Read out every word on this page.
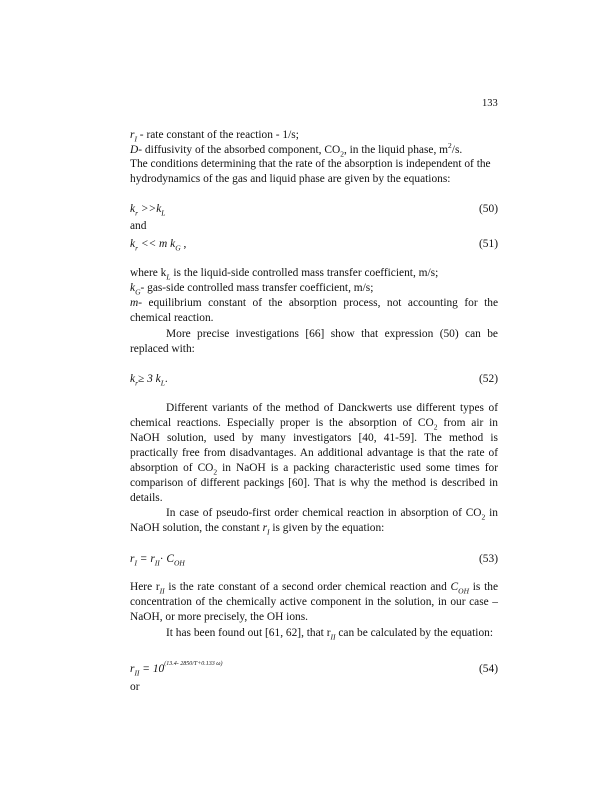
133
$r_I$ - rate constant of the reaction - 1/s;
D- diffusivity of the absorbed component, $CO_2$, in the liquid phase, $m^2/s$.
The conditions determining that the rate of the absorption is independent of the
hydrodynamics of the gas and liquid phase are given by the equations:
$k_r >>k_L$	(50)
and
$k_r << m$ $k_G$ ,	(51)
where $k_L$ is the liquid-side controlled mass transfer coefficient, m/s;
$k_G-$ gas-side controlled mass transfer coefficient, m/s;
m- equilibrium constant of the absorption process, not accounting for the
chemical reaction.
More precise investigations [66] show that expression (50) can be
replaced with:
$k_r\ge 3$ $k_L$.	(52)
Different variants of the method of Danckwerts use different types of
chemical reactions. Especially proper is the absorption of $CO_2$ from air in
NaOH solution, used by many investigators [40, 41-59]. The method is
practically free from disadvantages. An additional advantage is that the rate of
absorption of $CO_2$ in NaOH is a packing characteristic used some times for
comparison of different packings [60]. That is why the method is described in
details.
In case of pseudo-first order chemical reaction in absorption of $CO_2$ in
NaOH solution, the constant $r_I$ is given by the equation:
$r_I = r_{II}\cdot C_{OH}$	(53)
Here $r_{II}$ is the rate constant of a second order chemical reaction and $C_{OH}$ is the
concentration of the chemically active component in the solution, in our case –
NaOH, or more precisely, the OH ions.
It has been found out [61, 62], that $r_{II}$ can be calculated by the equation:
$r_{II} = 10^{(13.4- 2850/T+0.133 \omega)}$	(54)
or
